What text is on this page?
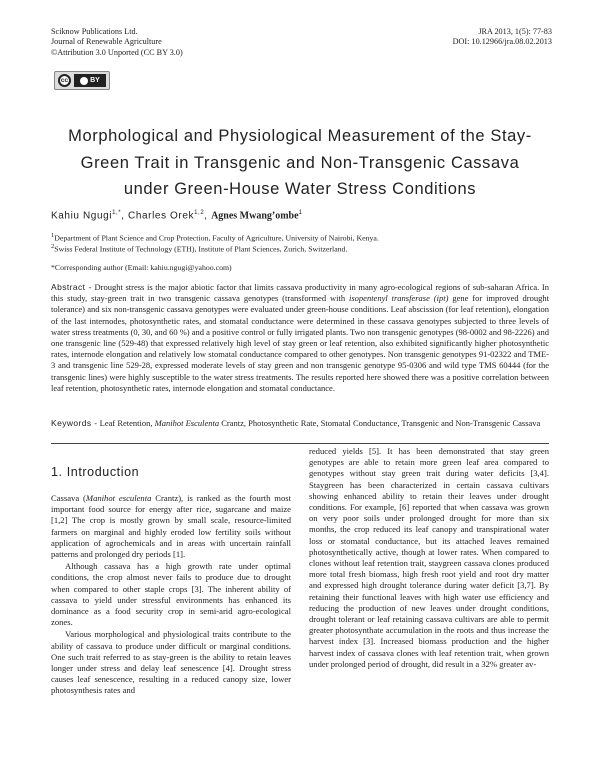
Sciknow Publications Ltd.
Journal of Renewable Agriculture
©Attribution 3.0 Unported (CC BY 3.0)
JRA 2013, 1(5): 77-83
DOI: 10.12966/jra.08.02.2013
cc	BY
Morphological and Physiological Measurement of the Stay-Green Trait in Transgenic and Non-Transgenic Cassava under Green-House Water Stress Conditions
Kahiu Ngugi$^{1,*}$, Charles Orek$^{1,2}$, Agnes Mwang’ombe$^1$
$^1$Department of Plant Science and Crop Protection, Faculty of Agriculture, University of Nairobi, Kenya.
$^2$Swiss Federal Institute of Technology (ETH), Institute of Plant Sciences, Zurich, Switzerland.
*Corresponding author (Email: kahiu.ngugi@yahoo.com)
Abstract - Drought stress is the major abiotic factor that limits cassava productivity in many agro-ecological regions of sub-saharan Africa. In this study, stay-green trait in two transgenic cassava genotypes (transformed with isopentenyl transferase (ipt) gene for improved drought tolerance) and six non-transgenic cassava genotypes were evaluated under green-house conditions. Leaf abscission (for leaf retention), elongation of the last internodes, photosynthetic rates, and stomatal conductance were determined in these cassava genotypes subjected to three levels of water stress treatments (0, 30, and 60 %) and a positive control or fully irrigated plants. Two non transgenic genotypes (98-0002 and 98-2226) and one transgenic line (529-48) that expressed relatively high level of stay green or leaf retention, also exhibited significantly higher photosynthetic rates, internode elongation and relatively low stomatal conductance compared to other genotypes. Non transgenic genotypes 91-02322 and TME-3 and transgenic line 529-28, expressed moderate levels of stay green and non transgenic genotype 95-0306 and wild type TMS 60444 (for the transgenic lines) were highly susceptible to the water stress treatments. The results reported here showed there was a positive correlation between leaf retention, photosynthetic rates, internode elongation and stomatal conductance.
Keywords - Leaf Retention, Manihot Esculenta Crantz, Photosynthetic Rate, Stomatal Conductance, Transgenic and Non-Transgenic Cassava
1. Introduction

Cassava (Manihot esculenta Crantz), is ranked as the fourth most important food source for energy after rice, sugarcane and maize [1,2] The crop is mostly grown by small scale, resource-limited farmers on marginal and highly eroded low fertility soils without application of agrochemicals and in areas with uncertain rainfall patterns and prolonged dry periods [1].

Although cassava has a high growth rate under optimal conditions, the crop almost never fails to produce due to drought when compared to other staple crops [3]. The inherent ability of cassava to yield under stressful environments has enhanced its dominance as a food security crop in semi-arid agro-ecological zones.

Various morphological and physiological traits contribute to the ability of cassava to produce under difficult or marginal conditions. One such trait referred to as stay-green is the ability to retain leaves longer under stress and delay leaf senescence [4]. Drought stress causes leaf senescence, resulting in a reduced canopy size, lower photosynthesis rates and

reduced yields [5]. It has been demonstrated that stay green genotypes are able to retain more green leaf area compared to genotypes without stay green trait during water deficits [3,4]. Staygreen has been characterized in certain cassava cultivars showing enhanced ability to retain their leaves under drought conditions. For example, [6] reported that when cassava was grown on very poor soils under prolonged drought for more than six months, the crop reduced its leaf canopy and transpirational water loss or stomatal conductance, but its attached leaves remained photosynthetically active, though at lower rates. When compared to clones without leaf retention trait, staygreen cassava clones produced more total fresh biomass, high fresh root yield and root dry matter and expressed high drought tolerance during water deficit [3,7]. By retaining their functional leaves with high water use efficiency and reducing the production of new leaves under drought conditions, drought tolerant or leaf retaining cassava cultivars are able to permit greater photosynthate accumulation in the roots and thus increase the harvest index [3]. Increased biomass production and the higher harvest index of cassava clones with leaf retention trait, when grown under prolonged period of drought, did result in a 32% greater av-
